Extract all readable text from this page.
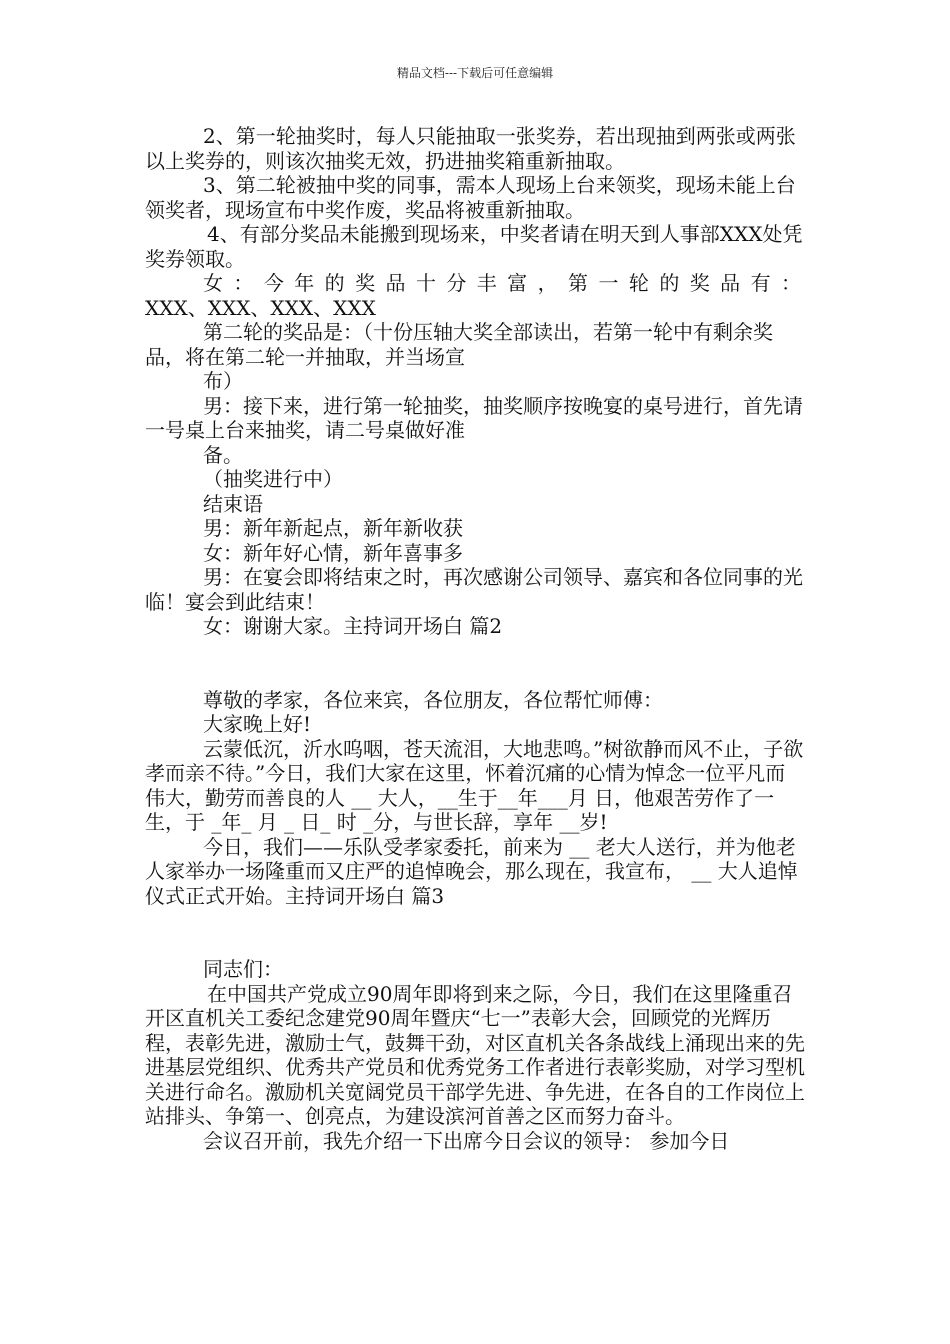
精品文档---下载后可任意编辑

2、第一轮抽奖时，每人只能抽取一张奖券，若出现抽到两张或两张以上奖券的，则该次抽奖无效，扔进抽奖箱重新抽取。

3、第二轮被抽中奖的同事，需本人现场上台来领奖，现场未能上台领奖者，现场宣布中奖作废，奖品将被重新抽取。

4、有部分奖品未能搬到现场来，中奖者请在明天到人事部XXX处凭奖券领取。

女：今年的奖品十分丰富，第一轮的奖品有：

XXX、XXX、XXX、XXX

第二轮的奖品是：（十份压轴大奖全部读出，若第一轮中有剩余奖品，将在第二轮一并抽取，并当场宣

布）

男：接下来，进行第一轮抽奖，抽奖顺序按晚宴的桌号进行，首先请一号桌上台来抽奖，请二号桌做好准

备。

（抽奖进行中）

结束语

男：新年新起点，新年新收获

女：新年好心情，新年喜事多

男：在宴会即将结束之时，再次感谢公司领导、嘉宾和各位同事的光临！宴会到此结束！

女：谢谢大家。主持词开场白 篇2

尊敬的孝家，各位来宾，各位朋友，各位帮忙师傅：

大家晚上好!

云蒙低沉，沂水呜咽，苍天流泪，大地悲鸣。”树欲静而风不止，子欲孝而亲不待。”今日，我们大家在这里，怀着沉痛的心情为悼念一位平凡而伟大，勤劳而善良的人 __ 大人，__生于__年___月 日，他艰苦劳作了一生，于 _年_ 月 _ 日_ 时 _分，与世长辞，享年 __岁!

今日，我们——乐队受孝家委托，前来为 __ 老大人送行，并为他老人家举办一场隆重而又庄严的追悼晚会，那么现在，我宣布， __ 大人追悼仪式正式开始。主持词开场白 篇3

同志们：

在中国共产党成立90周年即将到来之际，今日，我们在这里隆重召开区直机关工委纪念建党90周年暨庆“七一”表彰大会，回顾党的光辉历程，表彰先进，激励士气，鼓舞干劲，对区直机关各条战线上涌现出来的先进基层党组织、优秀共产党员和优秀党务工作者进行表彰奖励，对学习型机关进行命名。激励机关宽阔党员干部学先进、争先进，在各自的工作岗位上站排头、争第一、创亮点，为建设滨河首善之区而努力奋斗。

会议召开前，我先介绍一下出席今日会议的领导： 参加今日
